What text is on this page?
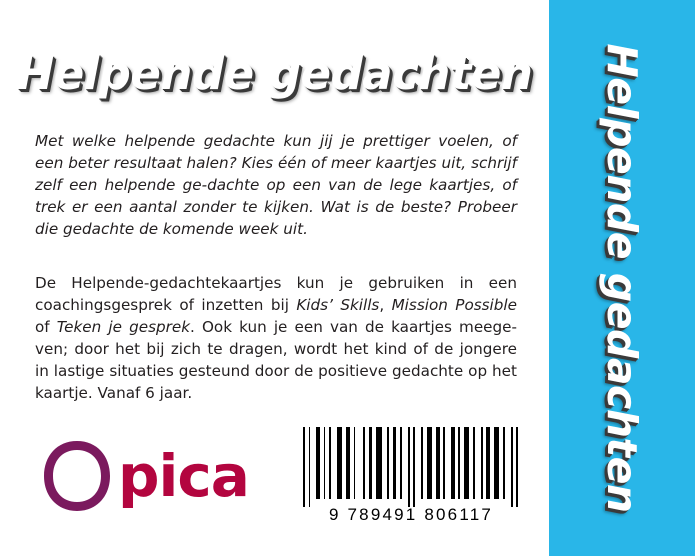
Helpende gedachten
Met welke helpende gedachte kun jij je prettiger voelen, of een beter resultaat halen? Kies één of meer kaartjes uit, schrijf zelf een helpende ge-dachte op een van de lege kaartjes, of trek er een aantal zonder te kijken. Wat is de beste? Probeer die gedachte de komende week uit.
De Helpende-gedachtekaartjes kun je gebruiken in een coachingsgesprek of inzetten bij Kids’ Skills, Mission Possible of Teken je gesprek. Ook kun je een van de kaartjes meege-ven; door het bij zich te dragen, wordt het kind of de jongere in lastige situaties gesteund door de positieve gedachte op het kaartje. Vanaf 6 jaar.
pica
9 789491 806117
Helpende gedachten
